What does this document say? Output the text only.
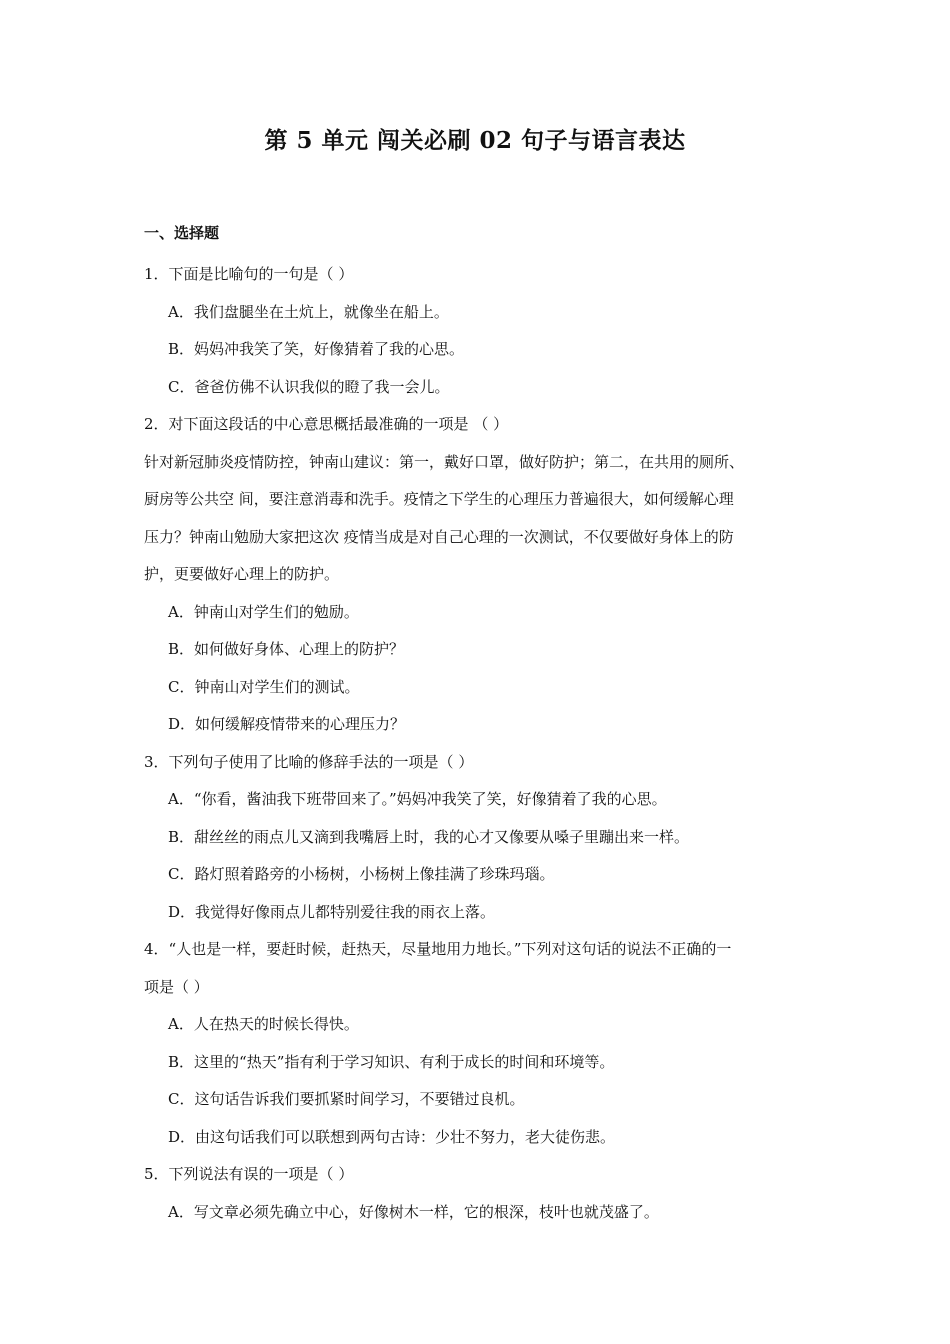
第 5 单元 闯关必刷 02 句子与语言表达
一、选择题
1．下面是比喻句的一句是（ ）
A．我们盘腿坐在土炕上，就像坐在船上。
B．妈妈冲我笑了笑，好像猜着了我的心思。
C．爸爸仿佛不认识我似的瞪了我一会儿。
2．对下面这段话的中心意思概括最准确的一项是 （ ）
针对新冠肺炎疫情防控，钟南山建议：第一，戴好口罩，做好防护；第二，在共用的厕所、
厨房等公共空 间，要注意消毒和洗手。疫情之下学生的心理压力普遍很大，如何缓解心理
压力？钟南山勉励大家把这次 疫情当成是对自己心理的一次测试，不仅要做好身体上的防
护，更要做好心理上的防护。
A．钟南山对学生们的勉励。
B．如何做好身体、心理上的防护？
C．钟南山对学生们的测试。
D．如何缓解疫情带来的心理压力？
3．下列句子使用了比喻的修辞手法的一项是（ ）
A．“你看，酱油我下班带回来了。”妈妈冲我笑了笑，好像猜着了我的心思。
B．甜丝丝的雨点儿又滴到我嘴唇上时，我的心才又像要从嗓子里蹦出来一样。
C．路灯照着路旁的小杨树，小杨树上像挂满了珍珠玛瑙。
D．我觉得好像雨点儿都特别爱往我的雨衣上落。
4．“人也是一样，要赶时候，赶热天，尽量地用力地长。”下列对这句话的说法不正确的一
项是（ ）
A．人在热天的时候长得快。
B．这里的“热天”指有利于学习知识、有利于成长的时间和环境等。
C．这句话告诉我们要抓紧时间学习，不要错过良机。
D．由这句话我们可以联想到两句古诗：少壮不努力，老大徒伤悲。
5．下列说法有误的一项是（ ）
A．写文章必须先确立中心，好像树木一样，它的根深，枝叶也就茂盛了。
